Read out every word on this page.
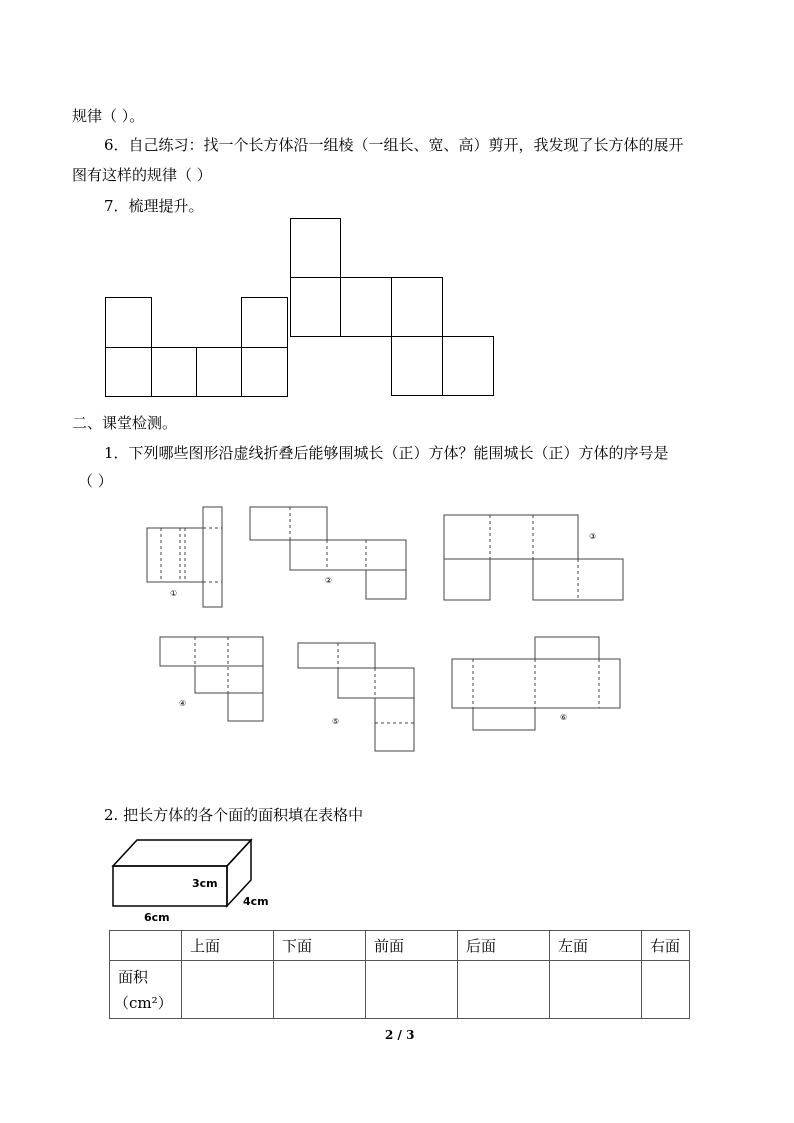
规律（ ）。
6．自己练习：找一个长方体沿一组棱（一组长、宽、高）剪开，我发现了长方体的展开
图有这样的规律（ ）
7．梳理提升。
二、课堂检测。
1．下列哪些图形沿虚线折叠后能够围城长（正）方体？能围城长（正）方体的序号是
（ ）
①
②
③
④
⑤	⑥
2. 把长方体的各个面的面积填在表格中
3cm
4cm
6cm
	上面	下面	前面	后面	左面	右面

面积
（cm²）						

2 / 3
